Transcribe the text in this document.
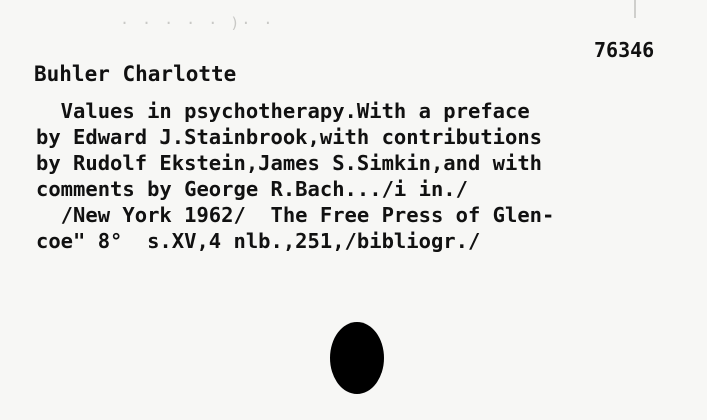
· · · · · )· ·
76346
Buhler Charlotte
Values in psychotherapy.With a preface
by Edward J.Stainbrook,with contributions
by Rudolf Ekstein,James S.Simkin,and with
comments by George R.Bach.../i in./
/New York 1962/  The Free Press of Glen-
coe" 8°  s.XV,4 nlb.,251,/bibliogr./
